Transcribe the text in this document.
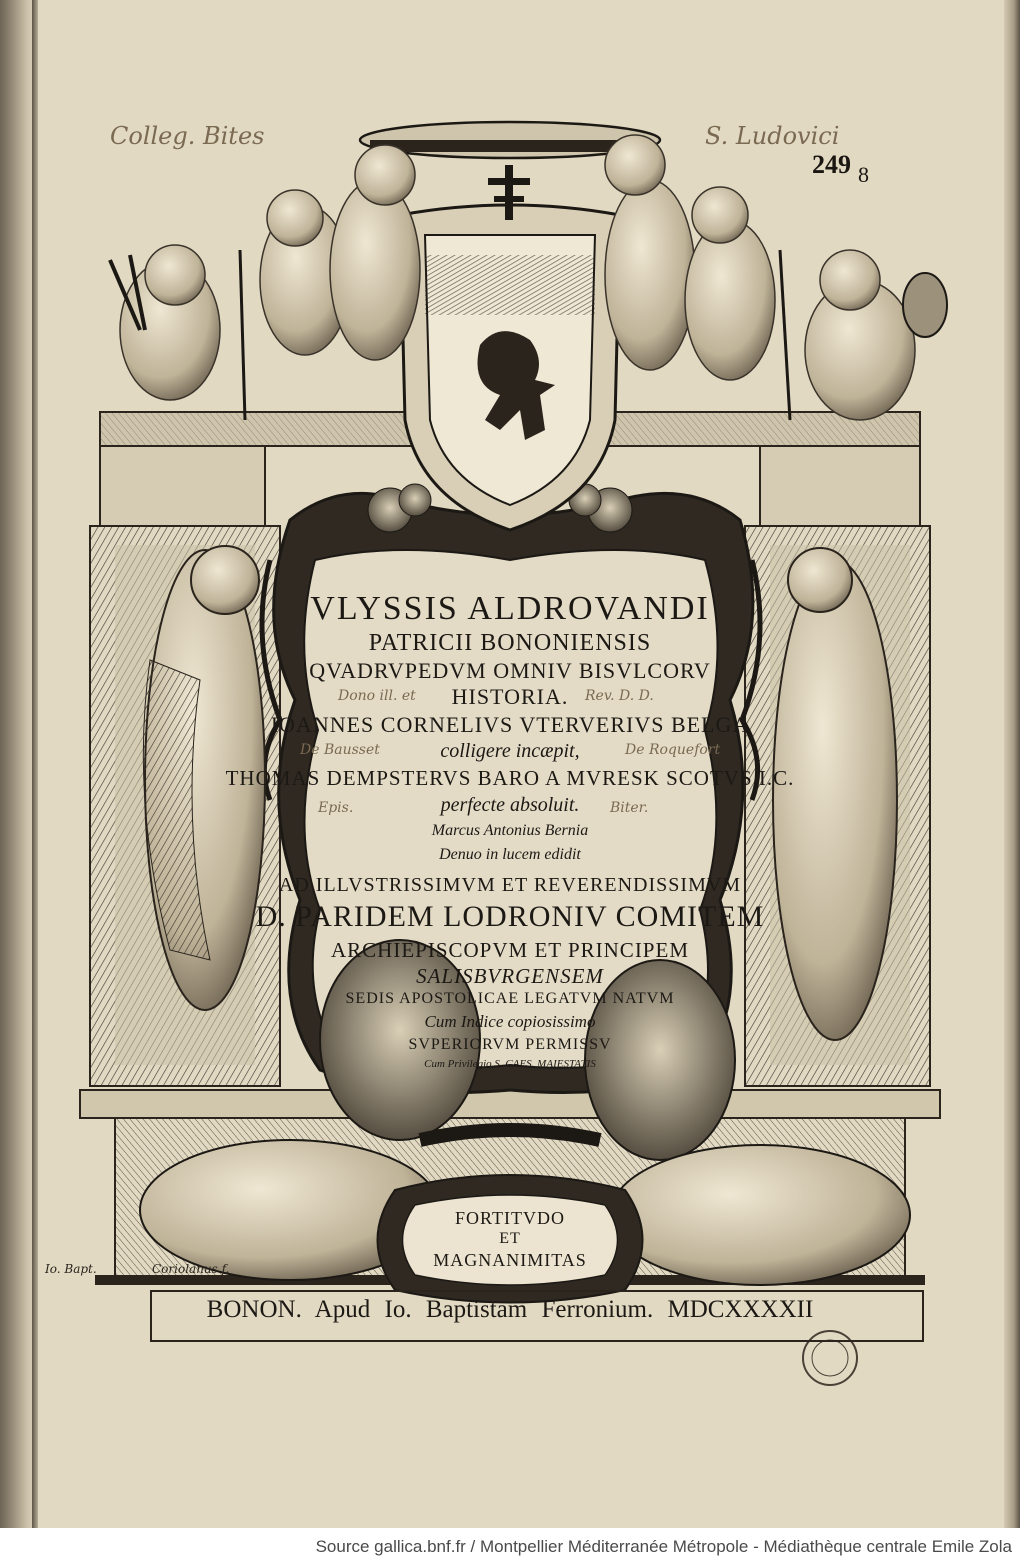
VLYSSIS ALDROVANDI
PATRICII BONONIENSIS
QVADRVPEDVM OMNIV BISVLCORV
HISTORIA.
IOANNES CORNELIVS VTERVERIVS BELGA
colligere incæpit,
THOMAS DEMPSTERVS BARO A MVRESK SCOTVS I.C.
perfecte absoluit.
Marcus Antonius Bernia
Denuo in lucem edidit
AD ILLVSTRISSIMVM ET REVERENDISSIMVM
D. PARIDEM LODRONIV COMITEM
ARCHIEPISCOPVM ET PRINCIPEM
SALISBVRGENSEM
SEDIS APOSTOLICAE LEGATVM NATVM
Cum Indice copiosissimo
SVPERIORVM PERMISSV
Cum Privilegio S. CAES. MAIESTATIS
FORTITVDO
ET
MAGNANIMITAS
Io. Bapt.	Coriolanus f.
BONON. Apud Io. Baptistam Ferronium. MDCXXXXII
Colleg. Bites	S. Ludovici
Dono ill. et	Rev. D. D.
De Bausset	De Roquefort
Epis.	Biter.
249 8
Source gallica.bnf.fr / Montpellier Méditerranée Métropole - Médiathèque centrale Emile Zola
